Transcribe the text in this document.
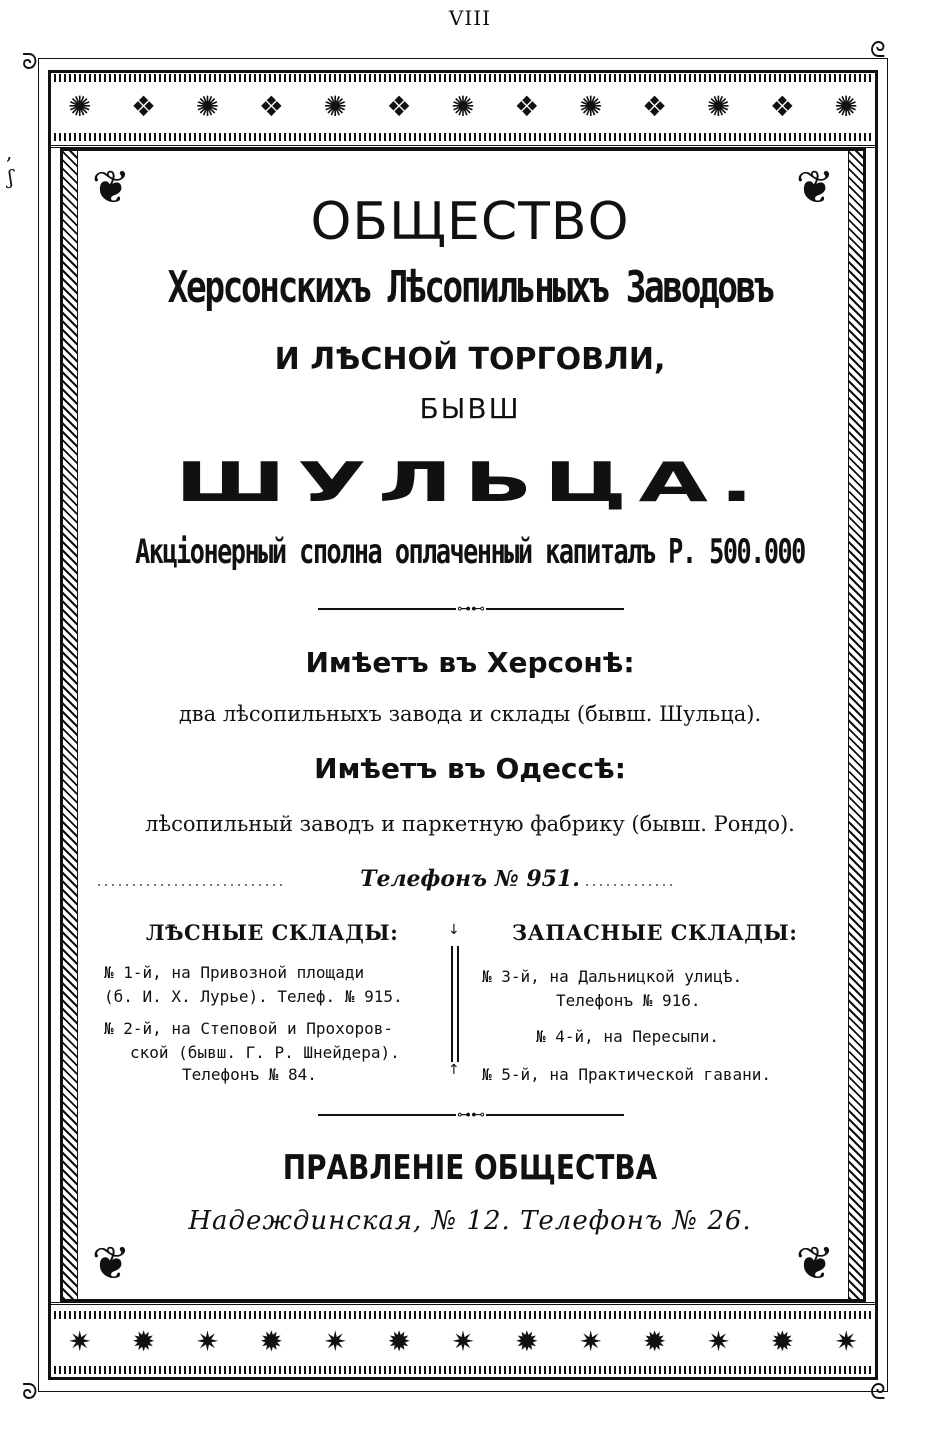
VIII
ᘐ	ᘓ
ᘐ	ᘓ
,
ʃ
✺ ❖ ✺ ❖ ✺ ❖ ✺ ❖ ✺ ❖ ✺ ❖ ✺
❦	❦
❦	❦
✷ ✹ ✷ ✹ ✷ ✹ ✷ ✹ ✷ ✹ ✷ ✹ ✷
ОБЩЕСТВО
Херсонскихъ Лѣсопильныхъ Заводовъ
И ЛѢСНОЙ ТОРГОВЛИ,
БЫВШ
ШУЛЬЦА.
Акціонерный сполна оплаченный капиталъ Р. 500.000
⊶⊷
Имѣетъ въ Херсонѣ:
два лѣсопильныхъ завода и склады (бывш. Шульца).
Имѣетъ въ Одессѣ:
лѣсопильный заводъ и паркетную фабрику (бывш. Рондо).
Телефонъ № 951.
ЛѢСНЫЕ СКЛАДЫ:	ЗАПАСНЫЕ СКЛАДЫ:
№ 1-й, на Привозной площади
(б. И. Х. Лурье). Телеф. № 915.
№ 2-й, на Степовой и Прохоров-
ской (бывш. Г. Р. Шнейдера).
Телефонъ № 84.
↓
↑
№ 3-й, на Дальницкой улицѣ.
Телефонъ № 916.
№ 4-й, на Пересыпи.
№ 5-й, на Практической гавани.
⊶⊷
ПРАВЛЕНІЕ ОБЩЕСТВА
Надеждинская, № 12. Телефонъ № 26.
